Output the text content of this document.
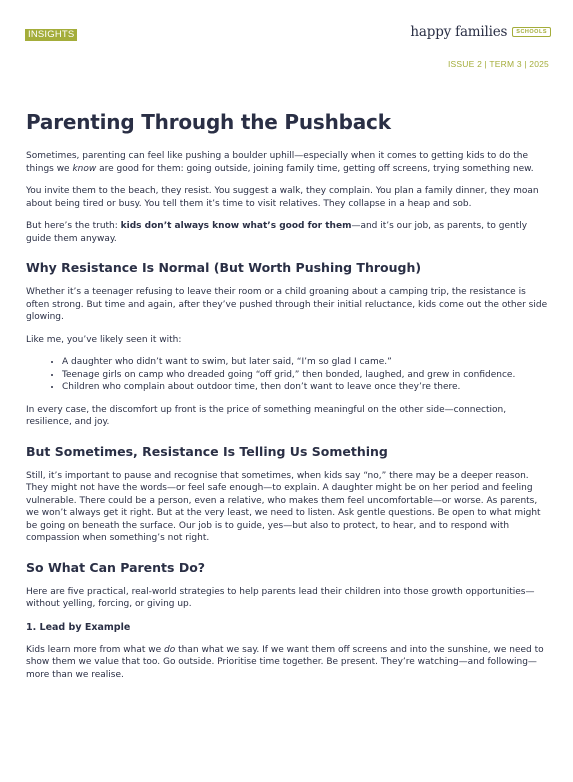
INSIGHTS	happy families	SCHOOLS
ISSUE 2 | TERM 3 | 2025
Parenting Through the Pushback

Sometimes, parenting can feel like pushing a boulder uphill—especially when it comes to getting kids to do the things we know are good for them: going outside, joining family time, getting off screens, trying something new.

You invite them to the beach, they resist. You suggest a walk, they complain. You plan a family dinner, they moan about being tired or busy. You tell them it’s time to visit relatives. They collapse in a heap and sob.

But here’s the truth: kids don’t always know what’s good for them—and it’s our job, as parents, to gently guide them anyway.

Why Resistance Is Normal (But Worth Pushing Through)

Whether it’s a teenager refusing to leave their room or a child groaning about a camping trip, the resistance is often strong. But time and again, after they’ve pushed through their initial reluctance, kids come out the other side glowing.

Like me, you’ve likely seen it with:

• A daughter who didn’t want to swim, but later said, “I’m so glad I came.”
• Teenage girls on camp who dreaded going “off grid,” then bonded, laughed, and grew in confidence.
• Children who complain about outdoor time, then don’t want to leave once they’re there.

In every case, the discomfort up front is the price of something meaningful on the other side—connection, resilience, and joy.

But Sometimes, Resistance Is Telling Us Something

Still, it’s important to pause and recognise that sometimes, when kids say “no,” there may be a deeper reason. They might not have the words—or feel safe enough—to explain. A daughter might be on her period and feeling vulnerable. There could be a person, even a relative, who makes them feel uncomfortable—or worse. As parents, we won’t always get it right. But at the very least, we need to listen. Ask gentle questions. Be open to what might be going on beneath the surface. Our job is to guide, yes—but also to protect, to hear, and to respond with compassion when something’s not right.

So What Can Parents Do?

Here are five practical, real-world strategies to help parents lead their children into those growth opportunities—without yelling, forcing, or giving up.

1. Lead by Example

Kids learn more from what we do than what we say. If we want them off screens and into the sunshine, we need to show them we value that too. Go outside. Prioritise time together. Be present. They’re watching—and following—more than we realise.
